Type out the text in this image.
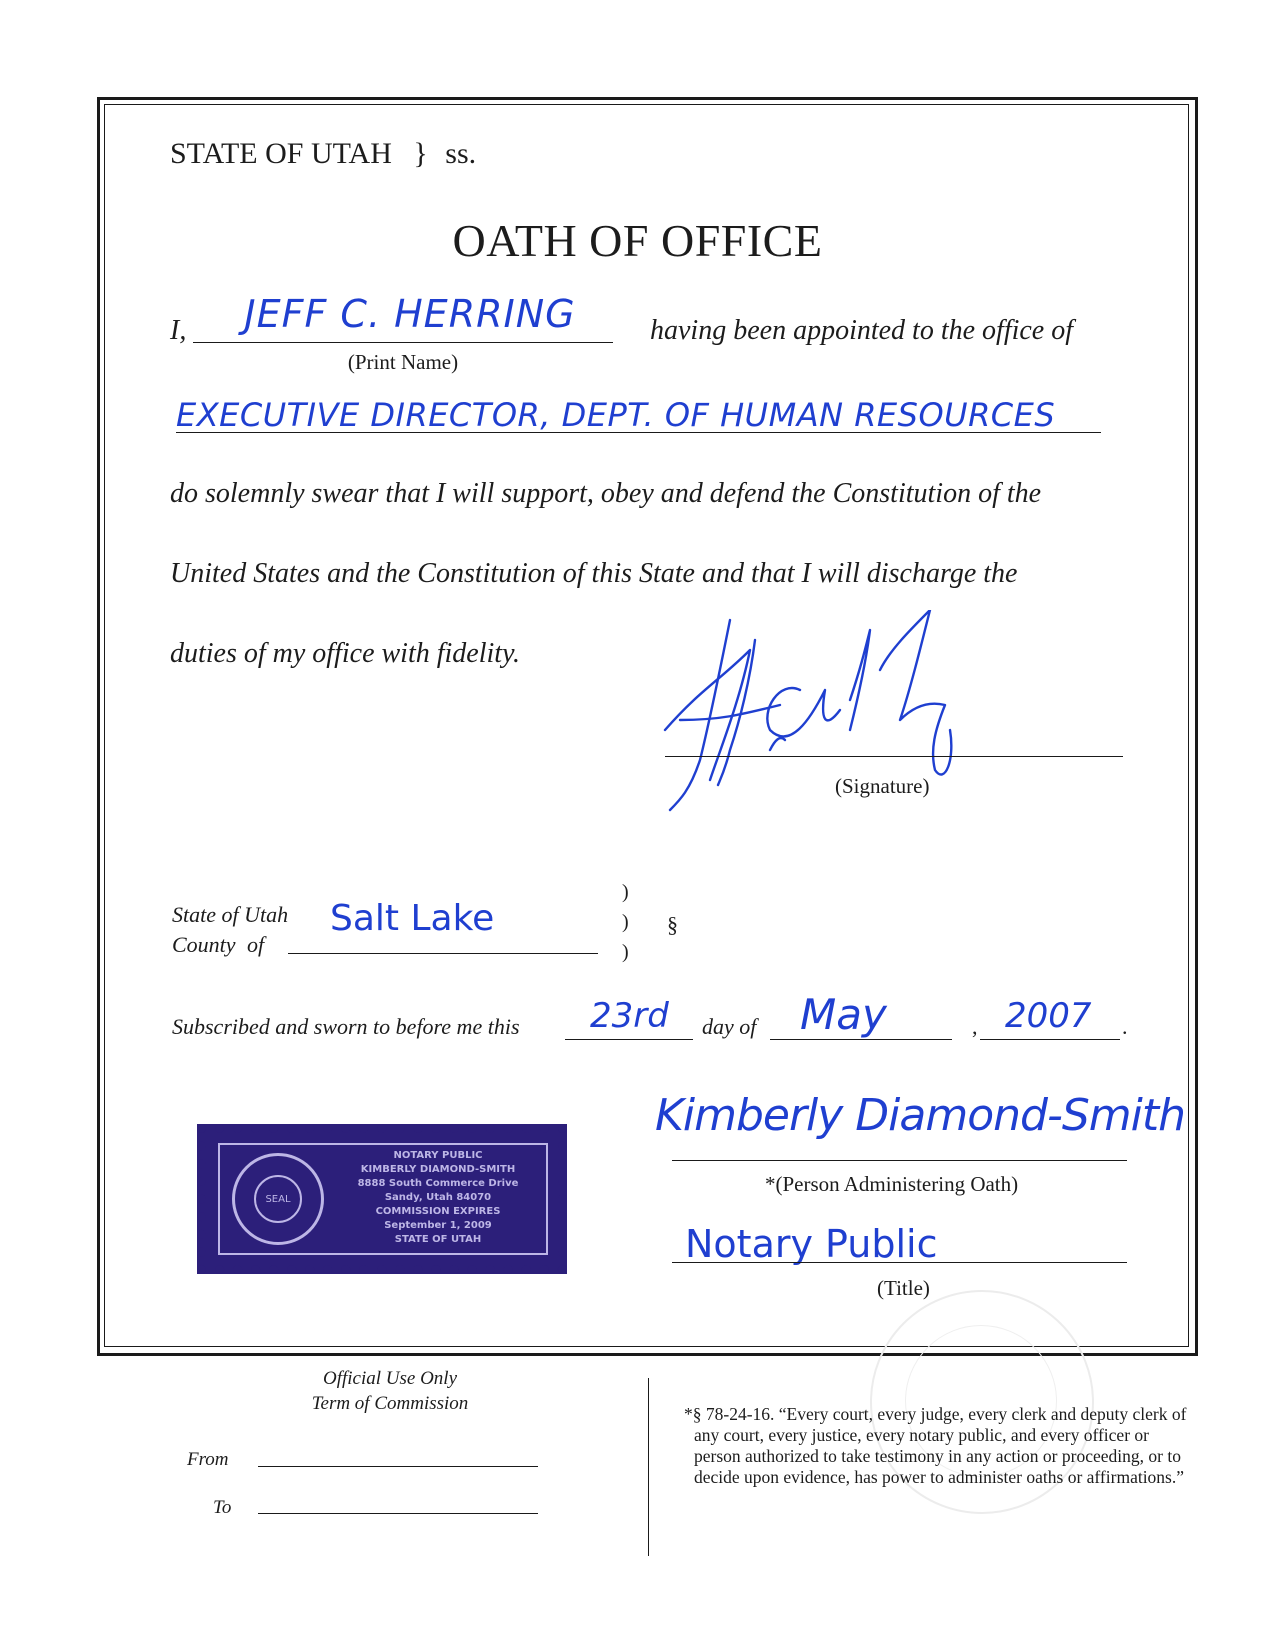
STATE OF UTAH } ss.
OATH OF OFFICE
I,	JEFF C. HERRING
(Print Name)
having been appointed to the office of
EXECUTIVE DIRECTOR, DEPT. OF HUMAN RESOURCES
do solemnly swear that I will support, obey and defend the Constitution of the
United States and the Constitution of this State and that I will discharge the
duties of my office with fidelity.
(Signature)
State of Utah
County of
Salt Lake
)
)
)
§
Subscribed and sworn to before me this 23rd day of May	, 2007 .
SEAL
NOTARY PUBLIC
KIMBERLY DIAMOND-SMITH
8888 South Commerce Drive
Sandy, Utah 84070
COMMISSION EXPIRES
September 1, 2009
STATE OF UTAH
Kimberly Diamond-Smith
*(Person Administering Oath)
Notary Public
(Title)
Official Use Only
Term of Commission
From
To
*§ 78-24-16. “Every court, every judge, every clerk and deputy clerk of any court, every justice, every notary public, and every officer or person authorized to take testimony in any action or proceeding, or to decide upon evidence, has power to administer oaths or affirmations.”
